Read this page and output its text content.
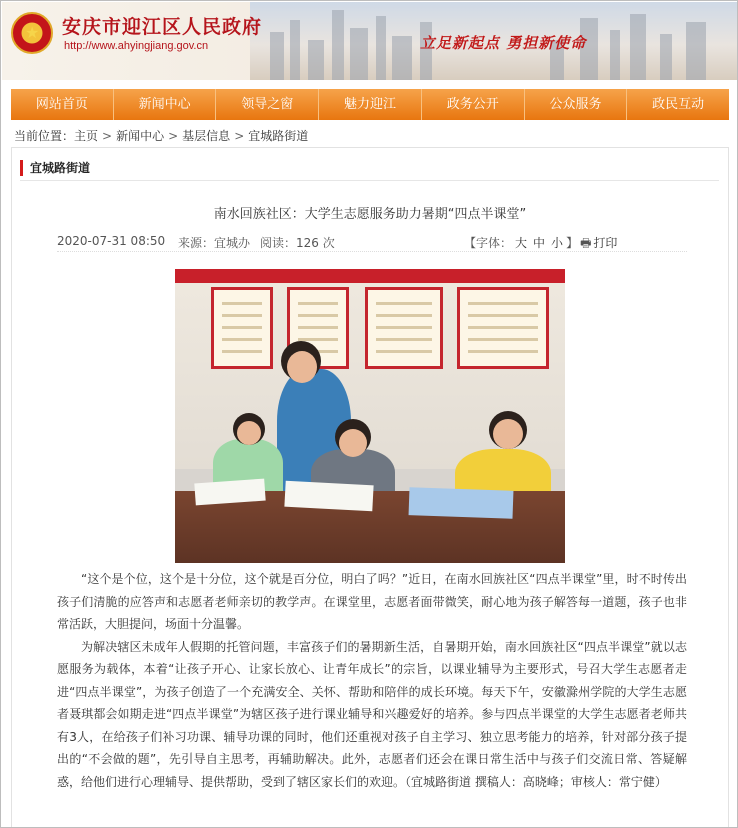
★ 安庆市迎江区人民政府
http://www.ahyingjiang.gov.cn	立足新起点 勇担新使命
网站首页	新闻中心	领导之窗	魅力迎江	政务公开	公众服务	政民互动
当前位置：主页 > 新闻中心 > 基层信息 > 宜城路街道
宜城路街道
南水回族社区：大学生志愿服务助力暑期“四点半课堂”
2020-07-31 08:50 来源：宜城办 阅读：126 次	【字体： 大 中 小 】 🖶 打印

“这个是个位，这个是十分位，这个就是百分位，明白了吗？”近日，在南水回族社区“四点半课堂”里，时不时传出孩子们清脆的应答声和志愿者老师亲切的教学声。在课堂里，志愿者面带微笑，耐心地为孩子解答每一道题，孩子也非常活跃，大胆提问，场面十分温馨。

为解决辖区未成年人假期的托管问题，丰富孩子们的暑期新生活，自暑期开始，南水回族社区“四点半课堂”就以志愿服务为载体，本着“让孩子开心、让家长放心、让青年成长”的宗旨，以课业辅导为主要形式，号召大学生志愿者走进“四点半课堂”，为孩子创造了一个充满安全、关怀、帮助和陪伴的成长环境。每天下午，安徽滁州学院的大学生志愿者聂琪都会如期走进“四点半课堂”为辖区孩子进行课业辅导和兴趣爱好的培养。参与四点半课堂的大学生志愿者老师共有3人，在给孩子们补习功课、辅导功课的同时，他们还重视对孩子自主学习、独立思考能力的培养，针对部分孩子提出的“不会做的题”，先引导自主思考，再辅助解决。此外，志愿者们还会在课日常生活中与孩子们交流日常、答疑解惑，给他们进行心理辅导、提供帮助，受到了辖区家长们的欢迎。（宜城路街道 撰稿人：高晓峰；审核人：常宁健）
